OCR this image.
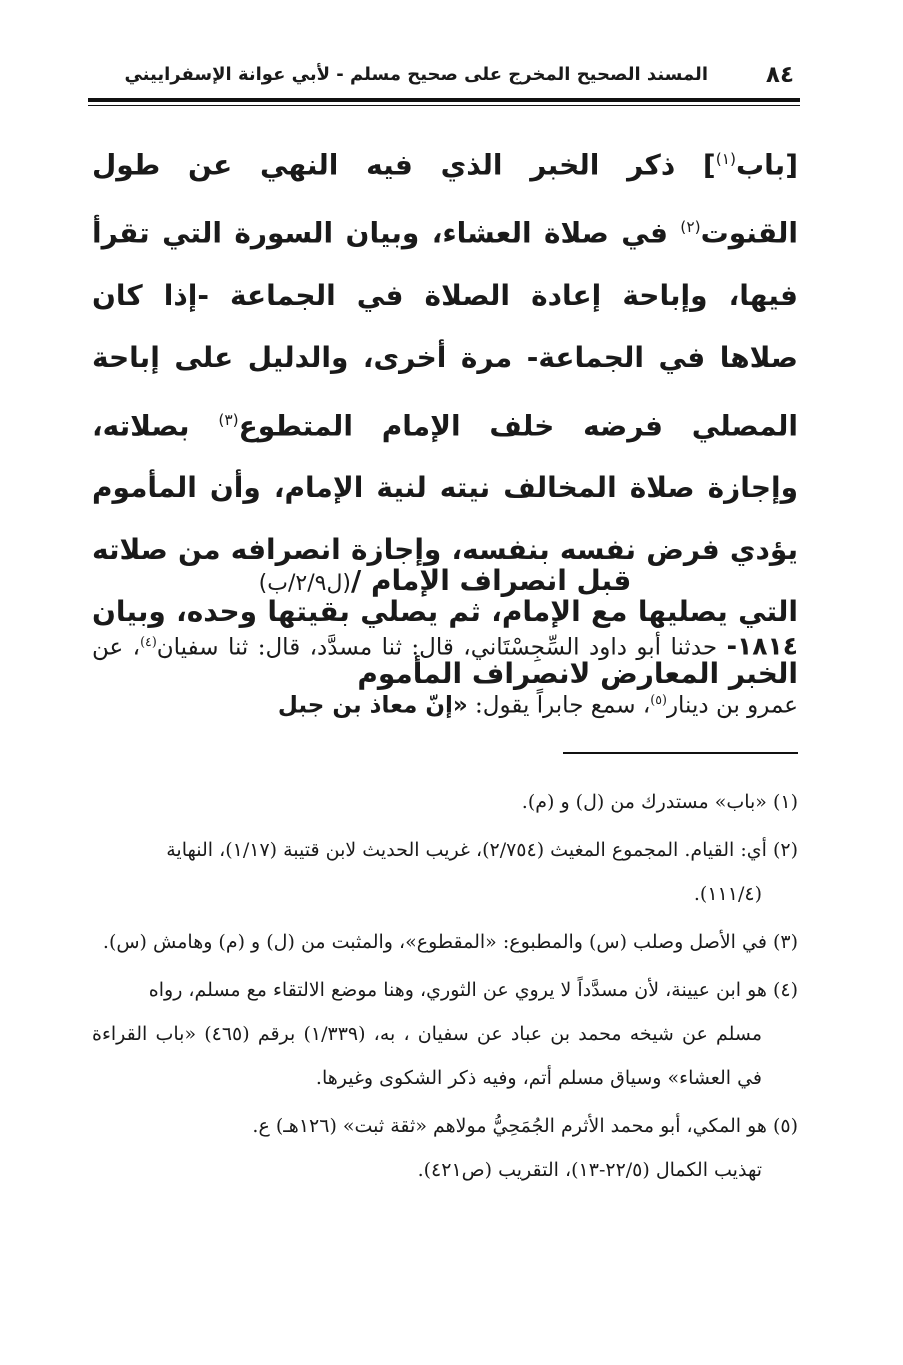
٨٤
المسند الصحيح المخرج على صحيح مسلم - لأبي عوانة الإسفراييني
[باب$^{(١)}$] ذكر الخبر الذي فيه النهي عن طول القنوت$^{(٢)}$ في صلاة العشاء، وبيان السورة التي تقرأ فيها، وإباحة إعادة الصلاة في الجماعة -إذا كان صلاها في الجماعة- مرة أخرى، والدليل على إباحة المصلي فرضه خلف الإمام المتطوع$^{(٣)}$ بصلاته، وإجازة صلاة المخالف نيته لنية الإمام، وأن المأموم يؤدي فرض نفسه بنفسه، وإجازة انصرافه من صلاته التي يصليها مع الإمام، ثم يصلي بقيتها وحده، وبيان الخبر المعارض لانصراف المأموم
قبل انصراف الإمام /(ل٢/٩/ب)
١٨١٤- حدثنا أبو داود السِّجِسْتَاني، قال: ثنا مسدَّد، قال: ثنا سفيان$^{(٤)}$، عن عمرو بن دينار$^{(٥)}$، سمع جابراً يقول: «إنّ معاذ بن جبل
(١)«باب» مستدرك من (ل) و (م).
(٢)أي: القيام. المجموع المغيث (٢/٧٥٤)، غريب الحديث لابن قتيبة (١/١٧)، النهاية
(١١١/٤).
(٣)في الأصل وصلب (س) والمطبوع: «المقطوع»، والمثبت من (ل) و (م) وهامش (س).
(٤)هو ابن عيينة، لأن مسدَّداً لا يروي عن الثوري، وهنا موضع الالتقاء مع مسلم، رواه
مسلم عن شيخه محمد بن عباد عن سفيان ، به، (١/٣٣٩) برقم (٤٦٥) «باب القراءة في العشاء» وسياق مسلم أتم، وفيه ذكر الشكوى وغيرها.
(٥)هو المكي، أبو محمد الأثرم الجُمَحِيُّ مولاهم «ثقة ثبت» (١٢٦هـ) ع.
تهذيب الكمال (٢٢/٥-١٣)، التقريب (ص٤٢١).
